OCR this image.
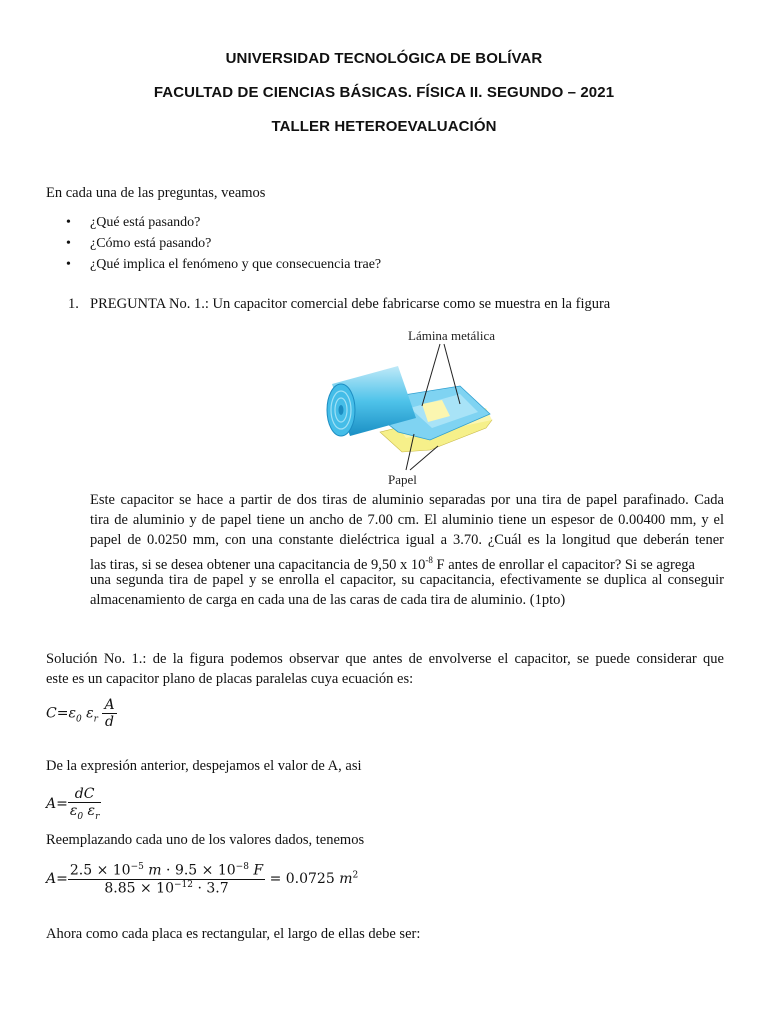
UNIVERSIDAD TECNOLÓGICA DE BOLÍVAR
FACULTAD DE CIENCIAS BÁSICAS. FÍSICA II. SEGUNDO – 2021
TALLER HETEROEVALUACIÓN
En cada una de las preguntas, veamos
• ¿Qué está pasando?
• ¿Cómo está pasando?
• ¿Qué implica el fenómeno y que consecuencia trae?
1. PREGUNTA No. 1.: Un capacitor comercial debe fabricarse como se muestra en la figura
Lámina metálica
Papel
Este capacitor se hace a partir de dos tiras de aluminio separadas por una tira de papel parafinado. Cada
tira de aluminio y de papel tiene un ancho de 7.00 cm. El aluminio tiene un espesor de 0.00400 mm, y el
papel de 0.0250 mm, con una constante dieléctrica igual a 3.70. ¿Cuál es la longitud que deberán tener
las tiras, si se desea obtener una capacitancia de 9,50 x $10^{-8}$ F antes de enrollar el capacitor? Si se agrega
una segunda tira de papel y se enrolla el capacitor, su capacitancia, efectivamente se duplica al conseguir
almacenamiento de carga en cada una de las caras de cada tira de aluminio. (1pto)
Solución No. 1.: de la figura podemos observar que antes de envolverse el capacitor, se puede considerar que
este es un capacitor plano de placas paralelas cuya ecuación es:
$C=\varepsilon_0$ $\varepsilon_r \frac{A}{d}$
De la expresión anterior, despejamos el valor de A, asi
$A= \frac{dC}{\varepsilon_0 \varepsilon_r}$
Reemplazando cada uno de los valores dados, tenemos
$A= \frac{2.5 \times 10^{-5} m \cdot 9.5 \times 10^{-8} F}{8.85 \times 10^{-12} \cdot 3.7} = 0.0725$ $m^2$
Ahora como cada placa es rectangular, el largo de ellas debe ser:
